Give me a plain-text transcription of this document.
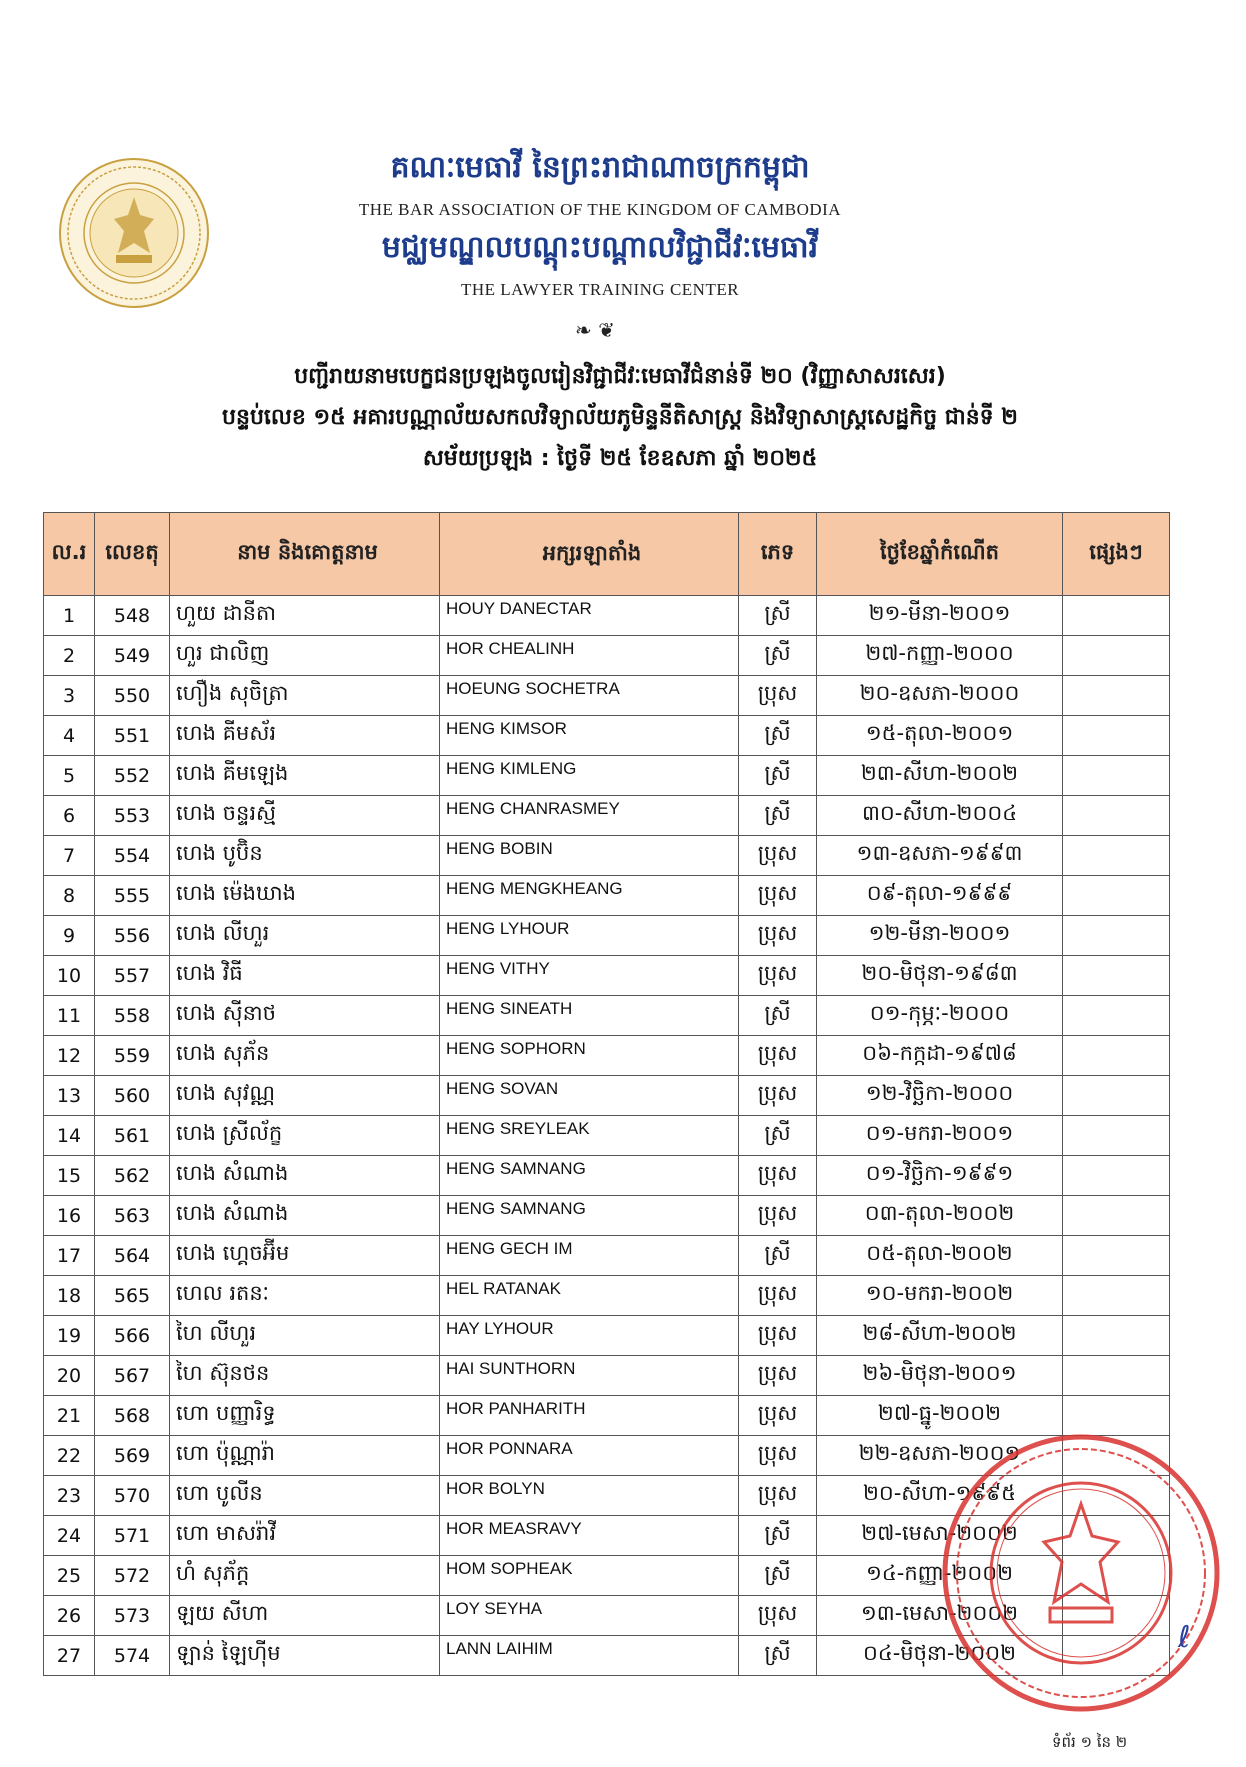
គណៈមេធាវី នៃព្រះរាជាណាចក្រកម្ពុជា
THE BAR ASSOCIATION OF THE KINGDOM OF CAMBODIA
មជ្ឈមណ្ឌលបណ្ដុះបណ្ដាលវិជ្ជាជីវៈមេធាវី
THE LAWYER TRAINING CENTER
❧ ❦
បញ្ជីរាយនាមបេក្ខជនប្រឡងចូលរៀនវិជ្ជាជីវៈមេធាវីជំនាន់ទី ២០ (វិញ្ញាសាសរសេរ)
បន្ទប់លេខ ១៥ អគារបណ្ណាល័យសកលវិទ្យាល័យភូមិន្ទនីតិសាស្ត្រ និងវិទ្យាសាស្ត្រសេដ្ឋកិច្ច ជាន់ទី ២
សម័យប្រឡង : ថ្ងៃទី ២៥ ខែឧសភា ឆ្នាំ ២០២៥
ល.រ	លេខតុ	នាម និងគោត្តនាម	អក្សរឡាតាំង	ភេទ	ថ្ងៃខែឆ្នាំកំណើត	ផ្សេងៗ
1	548	ហួយ ដានីតា	HOUY DANECTAR	ស្រី	២១-មីនា-២០០១	
2	549	ហួរ ជាលិញ	HOR CHEALINH	ស្រី	២៧-កញ្ញា-២០០០	
3	550	ហឿង សុចិត្រា	HOEUNG SOCHETRA	ប្រុស	២០-ឧសភា-២០០០	
4	551	ហេង គីមស័រ	HENG KIMSOR	ស្រី	១៥-តុលា-២០០១	
5	552	ហេង គីមឡេង	HENG KIMLENG	ស្រី	២៣-សីហា-២០០២	
6	553	ហេង ចន្ទរស្មី	HENG CHANRASMEY	ស្រី	៣០-សីហា-២០០៤	
7	554	ហេង បូប៊ិន	HENG BOBIN	ប្រុស	១៣-ឧសភា-១៩៩៣	
8	555	ហេង ម៉េងឃាង	HENG MENGKHEANG	ប្រុស	០៩-តុលា-១៩៩៩	
9	556	ហេង លីហួរ	HENG LYHOUR	ប្រុស	១២-មីនា-២០០១	
10	557	ហេង វិធី	HENG VITHY	ប្រុស	២០-មិថុនា-១៩៨៣	
11	558	ហេង ស៊ីនាថ	HENG SINEATH	ស្រី	០១-កុម្ភៈ-២០០០	
12	559	ហេង សុភ័ន	HENG SOPHORN	ប្រុស	០៦-កក្កដា-១៩៧៨	
13	560	ហេង សុវណ្ណ	HENG SOVAN	ប្រុស	១២-វិច្ឆិកា-២០០០	
14	561	ហេង ស្រីល័ក្ខ	HENG SREYLEAK	ស្រី	០១-មករា-២០០១	
15	562	ហេង សំណាង	HENG SAMNANG	ប្រុស	០១-វិច្ឆិកា-១៩៩១	
16	563	ហេង សំណាង	HENG SAMNANG	ប្រុស	០៣-តុលា-២០០២	
17	564	ហេង ហ្គេចអ៊ីម	HENG GECH IM	ស្រី	០៥-តុលា-២០០២	
18	565	ហេល រតនៈ	HEL RATANAK	ប្រុស	១០-មករា-២០០២	
19	566	ហៃ លីហួរ	HAY LYHOUR	ប្រុស	២៨-សីហា-២០០២	
20	567	ហៃ ស៊ុនថន	HAI SUNTHORN	ប្រុស	២៦-មិថុនា-២០០១	
21	568	ហោ បញ្ញារិទ្ធ	HOR PANHARITH	ប្រុស	២៧-ធ្នូ-២០០២	
22	569	ហោ ប៉ុណ្ណារ៉ា	HOR PONNARA	ប្រុស	២២-ឧសភា-២០០១	
23	570	ហោ បូលីន	HOR BOLYN	ប្រុស	២០-សីហា-១៩៩៥	
24	571	ហោ មាសរ៉ាវី	HOR MEASRAVY	ស្រី	២៧-មេសា-២០០២	
25	572	ហំ សុភ័ក្ត	HOM SOPHEAK	ស្រី	១៤-កញ្ញា-២០០២	
26	573	ឡយ សីហា	LOY SEYHA	ប្រុស	១៣-មេសា-២០០២	
27	574	ឡាន់ ឡៃហ៊ីម	LANN LAIHIM	ស្រី	០៤-មិថុនា-២០០២		ℓ
ទំព័រ ១ នៃ ២
